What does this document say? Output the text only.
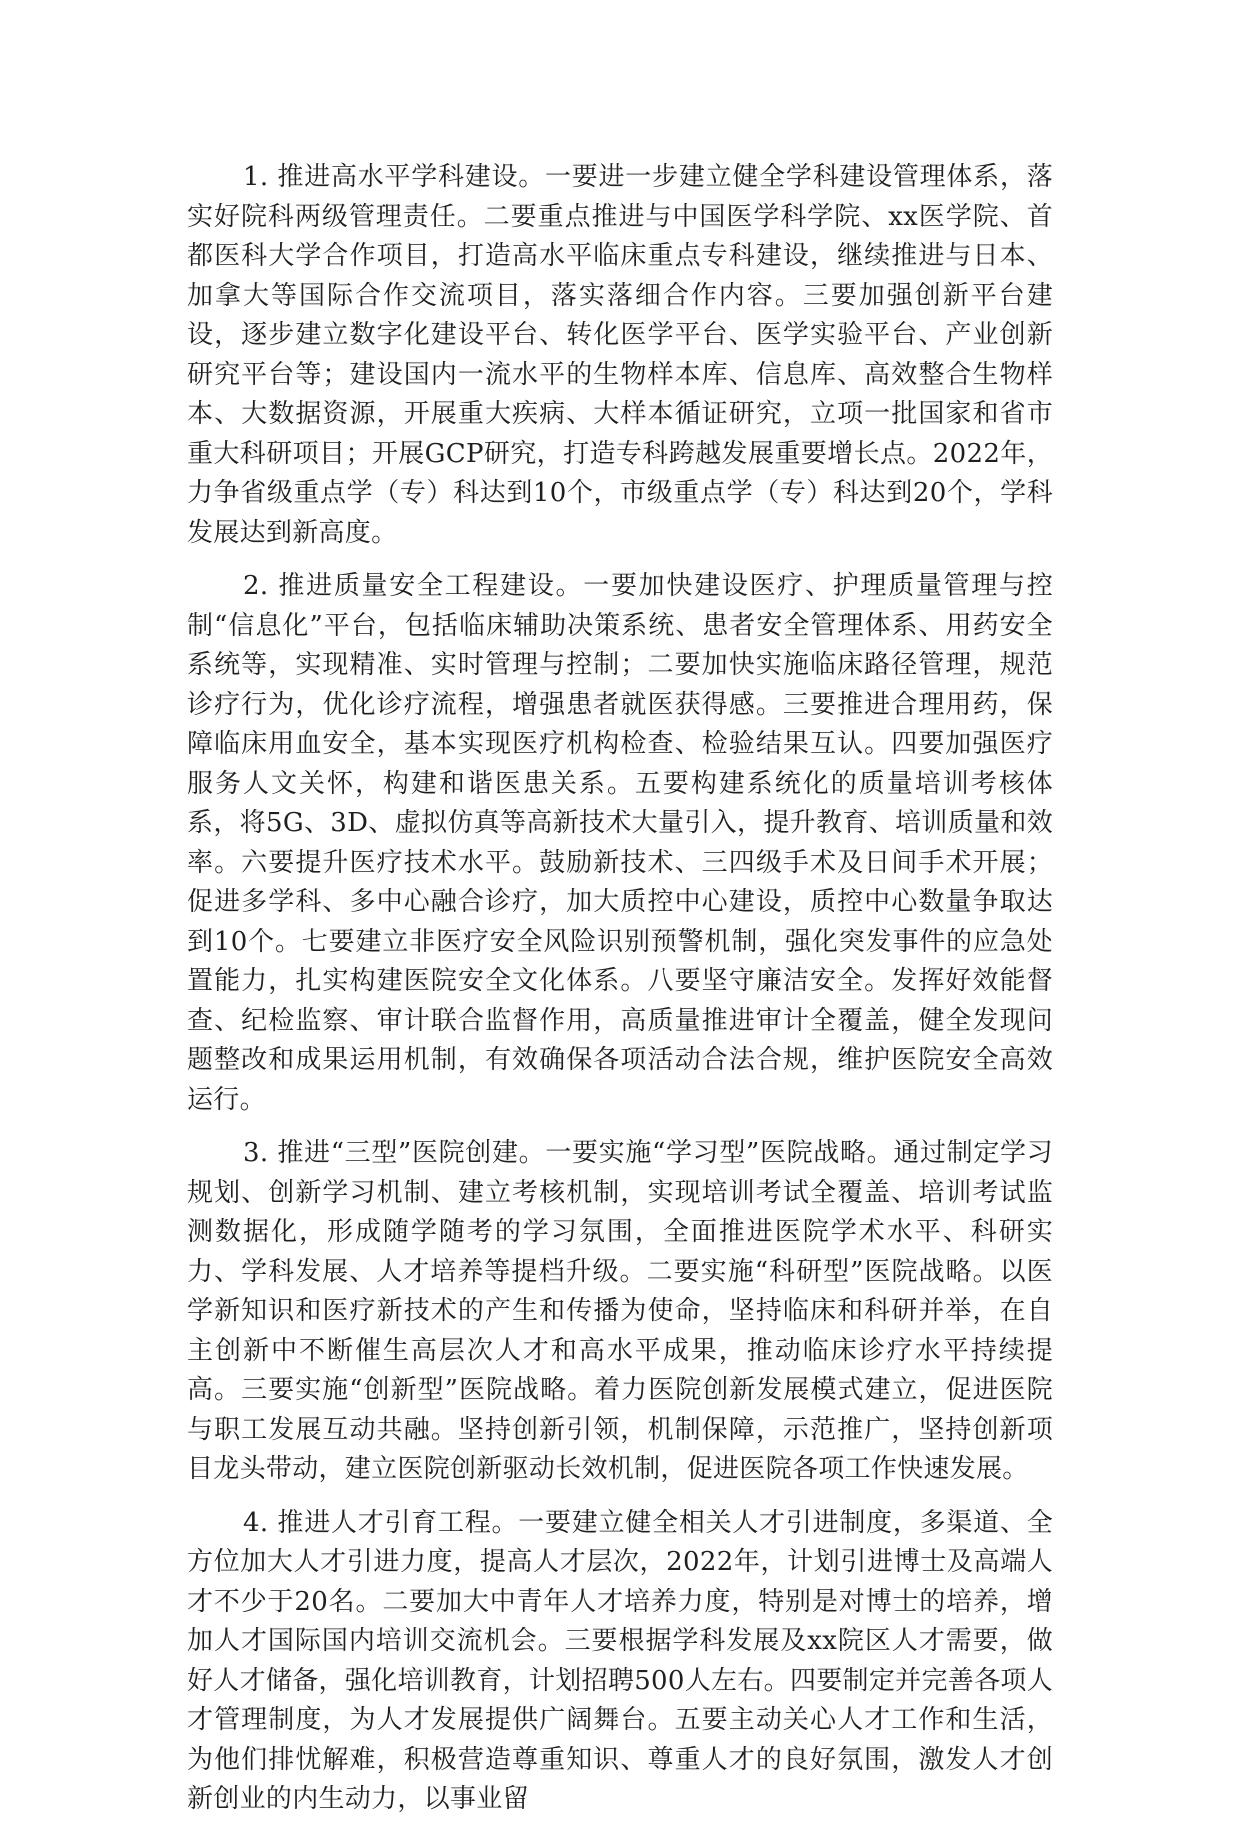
1. 推进高水平学科建设。一要进一步建立健全学科建设管理体系，落实好院科两级管理责任。二要重点推进与中国医学科学院、xx医学院、首都医科大学合作项目，打造高水平临床重点专科建设，继续推进与日本、加拿大等国际合作交流项目，落实落细合作内容。三要加强创新平台建设，逐步建立数字化建设平台、转化医学平台、医学实验平台、产业创新研究平台等；建设国内一流水平的生物样本库、信息库、高效整合生物样本、大数据资源，开展重大疾病、大样本循证研究，立项一批国家和省市重大科研项目；开展GCP研究，打造专科跨越发展重要增长点。2022年，力争省级重点学（专）科达到10个，市级重点学（专）科达到20个，学科发展达到新高度。

2. 推进质量安全工程建设。一要加快建设医疗、护理质量管理与控制“信息化”平台，包括临床辅助决策系统、患者安全管理体系、用药安全系统等，实现精准、实时管理与控制；二要加快实施临床路径管理，规范诊疗行为，优化诊疗流程，增强患者就医获得感。三要推进合理用药，保障临床用血安全，基本实现医疗机构检查、检验结果互认。四要加强医疗服务人文关怀，构建和谐医患关系。五要构建系统化的质量培训考核体系，将5G、3D、虚拟仿真等高新技术大量引入，提升教育、培训质量和效率。六要提升医疗技术水平。鼓励新技术、三四级手术及日间手术开展；促进多学科、多中心融合诊疗，加大质控中心建设，质控中心数量争取达到10个。七要建立非医疗安全风险识别预警机制，强化突发事件的应急处置能力，扎实构建医院安全文化体系。八要坚守廉洁安全。发挥好效能督查、纪检监察、审计联合监督作用，高质量推进审计全覆盖，健全发现问题整改和成果运用机制，有效确保各项活动合法合规，维护医院安全高效运行。

3. 推进“三型”医院创建。一要实施“学习型”医院战略。通过制定学习规划、创新学习机制、建立考核机制，实现培训考试全覆盖、培训考试监测数据化，形成随学随考的学习氛围，全面推进医院学术水平、科研实力、学科发展、人才培养等提档升级。二要实施“科研型”医院战略。以医学新知识和医疗新技术的产生和传播为使命，坚持临床和科研并举，在自主创新中不断催生高层次人才和高水平成果，推动临床诊疗水平持续提高。三要实施“创新型”医院战略。着力医院创新发展模式建立，促进医院与职工发展互动共融。坚持创新引领，机制保障，示范推广，坚持创新项目龙头带动，建立医院创新驱动长效机制，促进医院各项工作快速发展。

4. 推进人才引育工程。一要建立健全相关人才引进制度，多渠道、全方位加大人才引进力度，提高人才层次，2022年，计划引进博士及高端人才不少于20名。二要加大中青年人才培养力度，特别是对博士的培养，增加人才国际国内培训交流机会。三要根据学科发展及xx院区人才需要，做好人才储备，强化培训教育，计划招聘500人左右。四要制定并完善各项人才管理制度，为人才发展提供广阔舞台。五要主动关心人才工作和生活，为他们排忧解难，积极营造尊重知识、尊重人才的良好氛围，激发人才创新创业的内生动力，以事业留
